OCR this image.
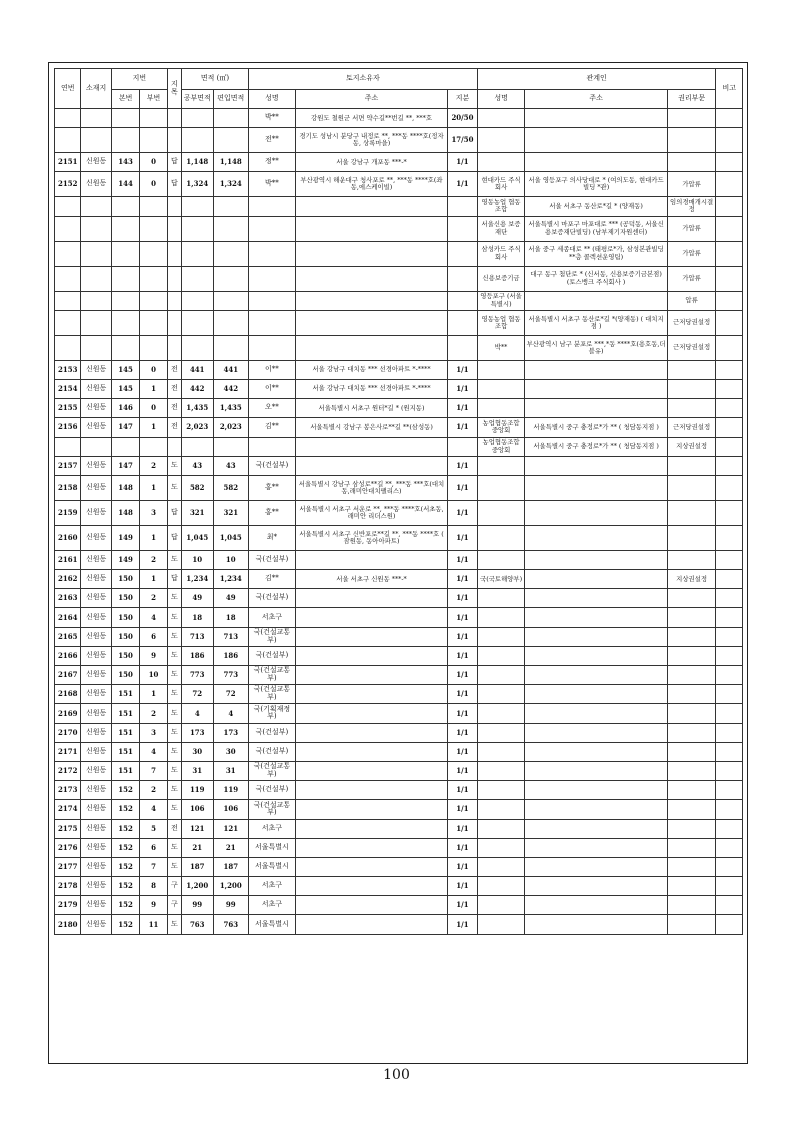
연번	소재지	지번		지목	면적 (㎡)		토지소유자			관계인			비고
		본번	부번		공부면적	편입면적	성명	주소	지분	성명	주소	권리부문	
							박**	강원도 철원군 서면 약수길**번길 **, ***호	20/50				
							전**	경기도 성남시 분당구 내정로 **, ***동 ****호(정자동, 상록마을)	17/50				
2151	신원동	143	0	답	1,148	1,148	정**	서울 강남구 개포동 ***-*	1/1				
2152	신원동	144	0	답	1,324	1,324	박**	부산광역시 해운대구 청사포로 **, ***동 ****호(좌동,에스케이빌)	1/1	현대카드 주식회사	서울 영등포구 의사당대로 * (여의도동, 현대카드빌딩 *관)	가압류	
										영동농업 협동조합	서울 서초구 동산로*길 * (양재동)	임의경매개시결정	
										서울신용 보증재단	서울특별시 마포구 마포대로 *** (공덕동, 서울신용보증재단빌딩) (남부제기자원센터)	가압류	
										삼성카드 주식회사	서울 중구 세종대로 ** (태평로*가, 삼성본관빌딩 **층 콜렉션운영팀)	가압류	
										신용보증기금	대구 동구 첨단로 * (신서동, 신용보증기금본점) (토스뱅크 주식회사 )	가압류	
										영등포구 (서울특별시)		압류	
										영동농업 협동조합	서울특별시 서초구 동산로*길 *(양재동) ( 대치지점 )	근저당권설정	
										박**	부산광역시 남구 분포로 ***,*동 ****호(용호동,더블유)	근저당권설정	
2153	신원동	145	0	전	441	441	이**	서울 강남구 대치동 *** 선경아파트 *-****	1/1				
2154	신원동	145	1	전	442	442	이**	서울 강남구 대치동 *** 선경아파트 *-****	1/1				
2155	신원동	146	0	전	1,435	1,435	오**	서울특별시 서초구 원터*길 * (원지동)	1/1				
2156	신원동	147	1	전	2,023	2,023	김**	서울특별시 강남구 봉은사로**길 **(삼성동)	1/1	농업협동조합 중앙회	서울특별시 중구 충정로*가 ** ( 청담동지점 )	근저당권설정	
										농업협동조합 중앙회	서울특별시 중구 충정로*가 ** ( 청담동지점 )	지상권설정	
2157	신원동	147	2	도	43	43	국(건설부)		1/1				
2158	신원동	148	1	도	582	582	홍**	서울특별시 강남구 삼성로**길 **, ***동 ***호(대치동,래미안대치팰리스)	1/1				
2159	신원동	148	3	답	321	321	홍**	서울특별시 서초구 서운로 **, ***동 ****호(서초동,래미안 리더스원)	1/1				
2160	신원동	149	1	답	1,045	1,045	최*	서울특별시 서초구 신반포로**길 **, ***동 ****호 ( 잠원동, 동아아파트)	1/1				
2161	신원동	149	2	도	10	10	국(건설부)		1/1				
2162	신원동	150	1	답	1,234	1,234	김**	서울 서초구 신원동 ***-*	1/1	국(국토해양부)		지상권설정	
2163	신원동	150	2	도	49	49	국(건설부)		1/1				
2164	신원동	150	4	도	18	18	서초구		1/1				
2165	신원동	150	6	도	713	713	국(건설교통부)		1/1				
2166	신원동	150	9	도	186	186	국(건설부)		1/1				
2167	신원동	150	10	도	773	773	국(건설교통부)		1/1				
2168	신원동	151	1	도	72	72	국(건설교통부)		1/1				
2169	신원동	151	2	도	4	4	국(기획재정부)		1/1				
2170	신원동	151	3	도	173	173	국(건설부)		1/1				
2171	신원동	151	4	도	30	30	국(건설부)		1/1				
2172	신원동	151	7	도	31	31	국(건설교통부)		1/1				
2173	신원동	152	2	도	119	119	국(건설부)		1/1				
2174	신원동	152	4	도	106	106	국(건설교통부)		1/1				
2175	신원동	152	5	전	121	121	서초구		1/1				
2176	신원동	152	6	도	21	21	서울특별시		1/1				
2177	신원동	152	7	도	187	187	서울특별시		1/1				
2178	신원동	152	8	구	1,200	1,200	서초구		1/1				
2179	신원동	152	9	구	99	99	서초구		1/1				
2180	신원동	152	11	도	763	763	서울특별시		1/1				
100
